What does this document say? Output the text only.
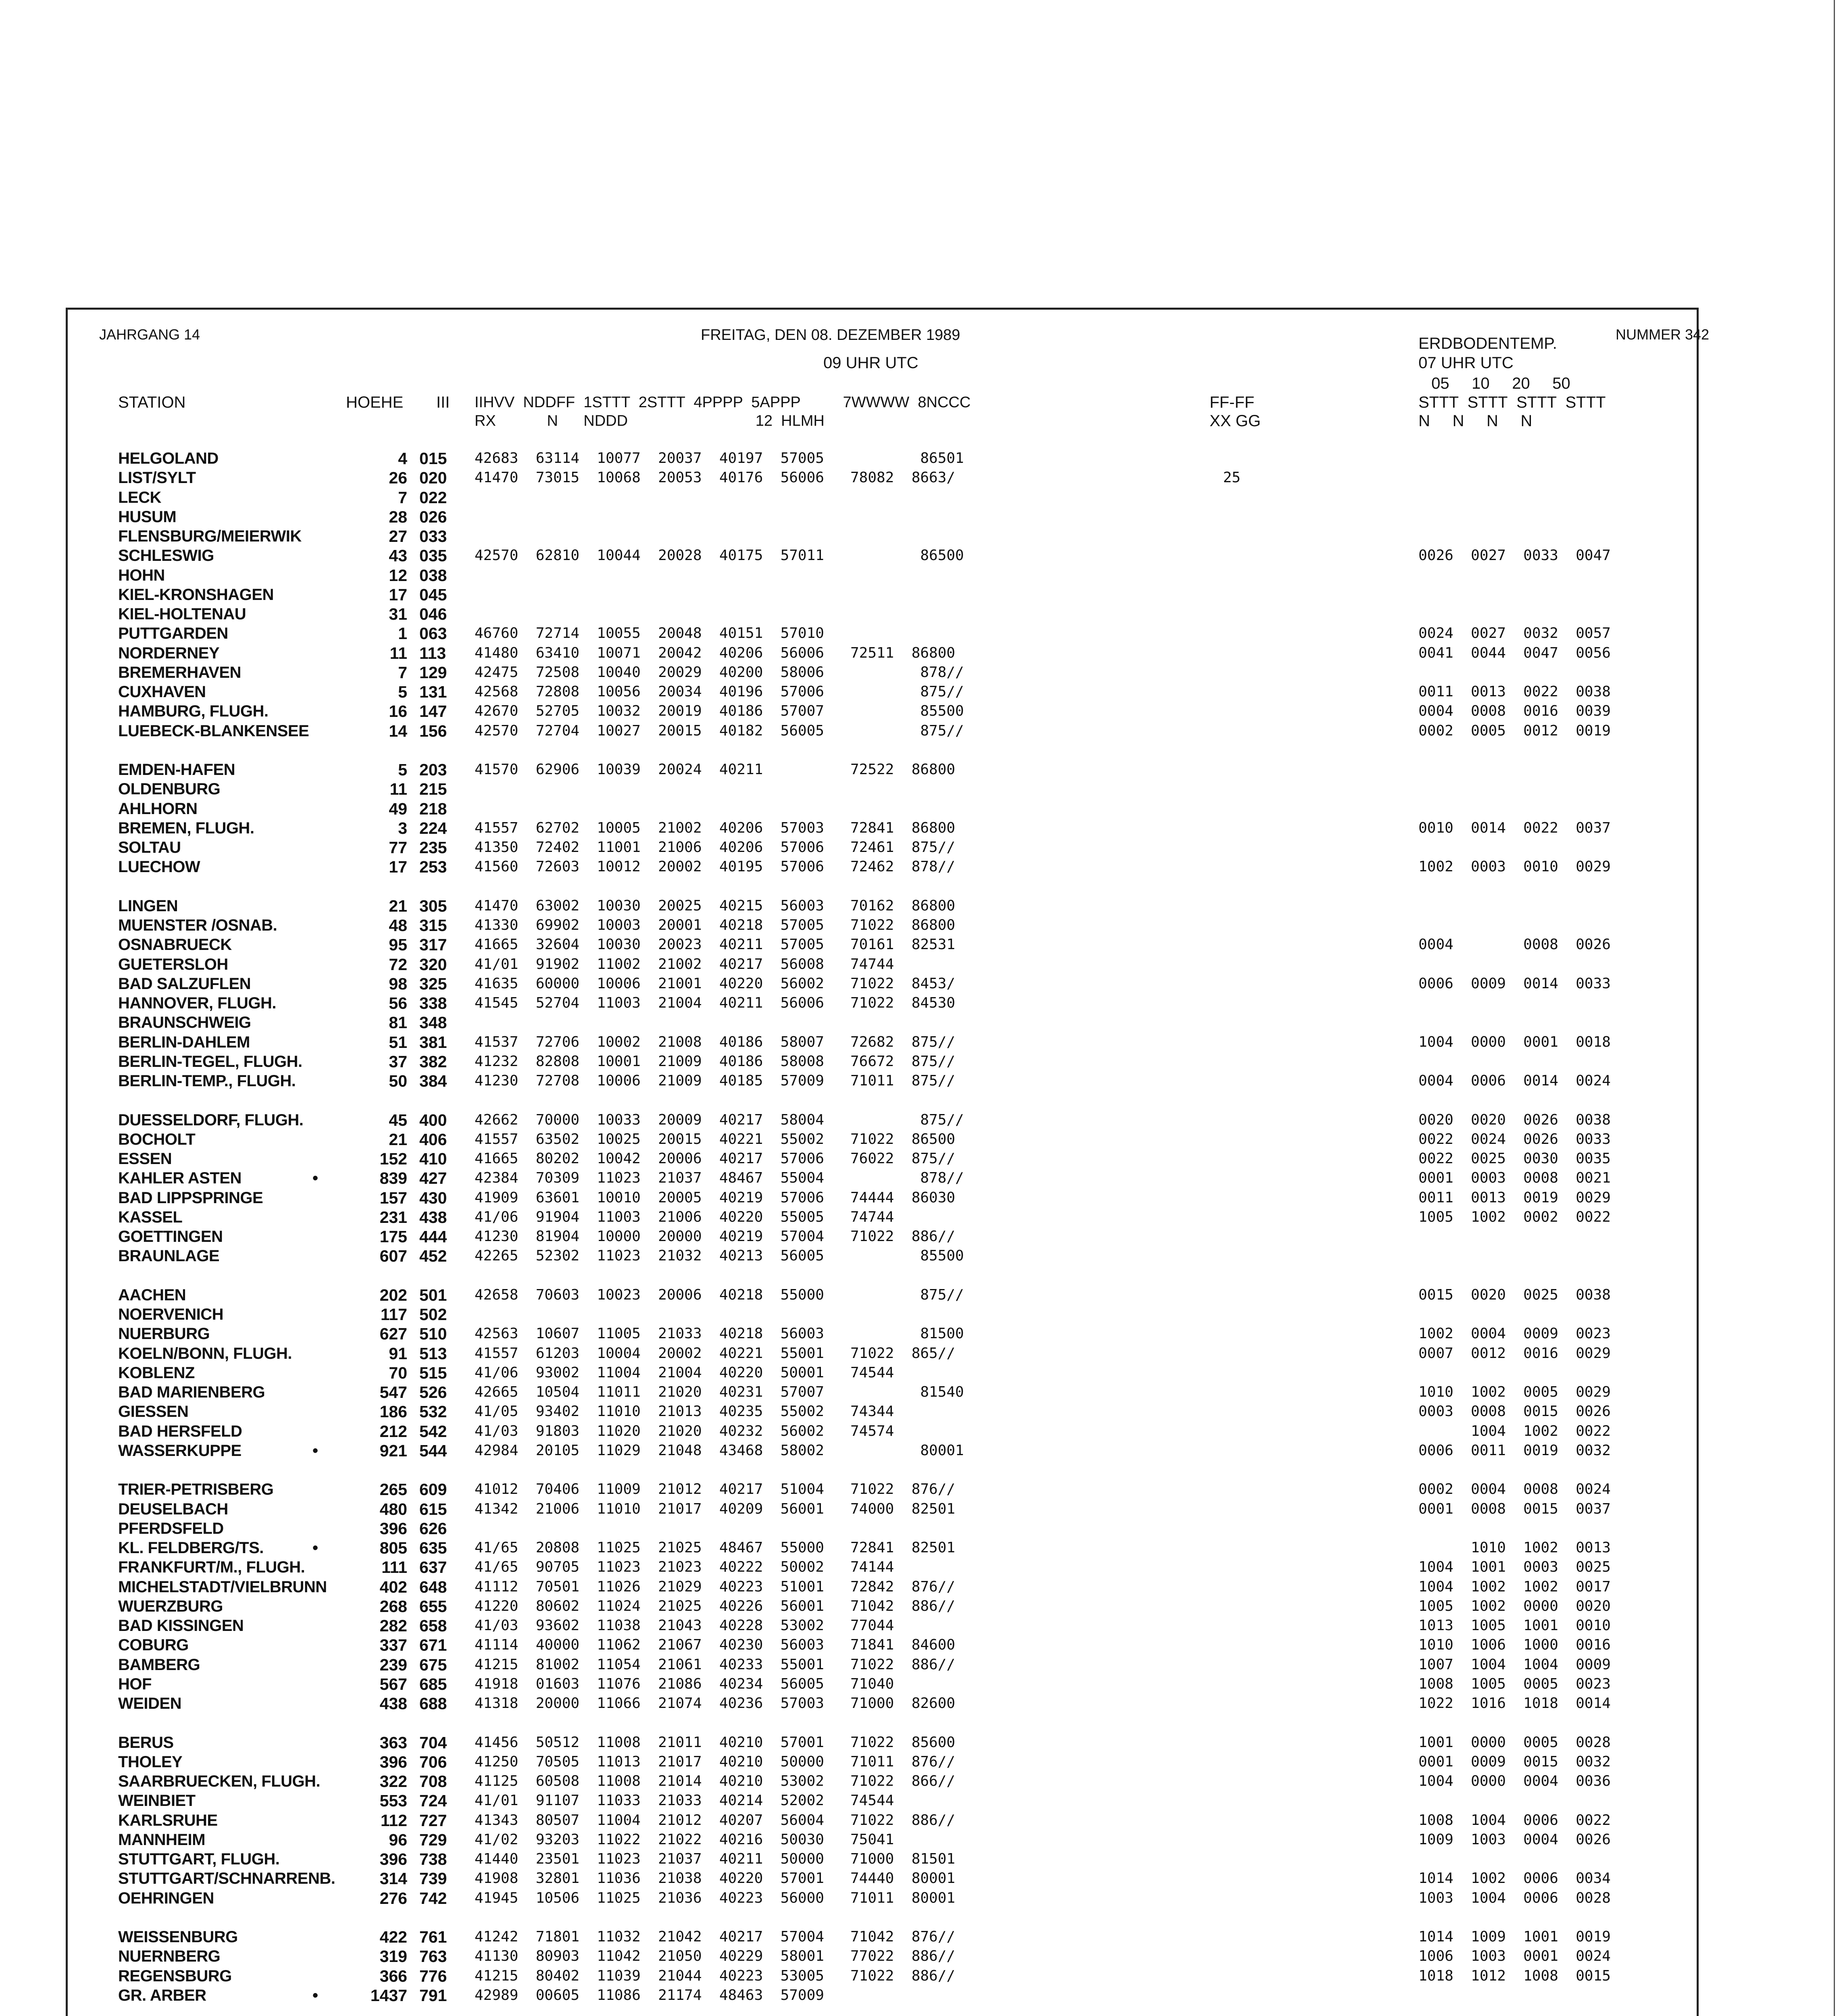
JAHRGANG 14	FREITAG, DEN 08. DEZEMBER 1989
09 UHR UTC
ERDBODENTEMP.
07 UHR UTC
NUMMER 342
STATION	HOEHE III IIHVV  NDDFF  1STTT  2STTT  4PPPP  5APPP          7WWWW  8NCCC
RX            N      NDDD                              12  HLMH
FF-FF
XX GG
05     10     20     50
STTT  STTT  STTT  STTT
N     N     N     N
HELGOLAND
LIST/SYLT
LECK
HUSUM
FLENSBURG/MEIERWIK
SCHLESWIG
HOHN
KIEL-KRONSHAGEN
KIEL-HOLTENAU
PUTTGARDEN
NORDERNEY
BREMERHAVEN
CUXHAVEN
HAMBURG, FLUGH.
LUEBECK-BLANKENSEE

EMDEN-HAFEN
OLDENBURG
AHLHORN
BREMEN, FLUGH.
SOLTAU
LUECHOW

LINGEN
MUENSTER /OSNAB.
OSNABRUECK
GUETERSLOH
BAD SALZUFLEN
HANNOVER, FLUGH.
BRAUNSCHWEIG
BERLIN-DAHLEM
BERLIN-TEGEL, FLUGH.
BERLIN-TEMP., FLUGH.

DUESSELDORF, FLUGH.
BOCHOLT
ESSEN
KAHLER ASTEN
BAD LIPPSPRINGE
KASSEL
GOETTINGEN
BRAUNLAGE

AACHEN
NOERVENICH
NUERBURG
KOELN/BONN, FLUGH.
KOBLENZ
BAD MARIENBERG
GIESSEN
BAD HERSFELD
WASSERKUPPE

TRIER-PETRISBERG
DEUSELBACH
PFERDSFELD
KL. FELDBERG/TS.
FRANKFURT/M., FLUGH.
MICHELSTADT/VIELBRUNN
WUERZBURG
BAD KISSINGEN
COBURG
BAMBERG
HOF
WEIDEN

BERUS
THOLEY
SAARBRUECKEN, FLUGH.
WEINBIET
KARLSRUHE
MANNHEIM
STUTTGART, FLUGH.
STUTTGART/SCHNARRENB.
OEHRINGEN

WEISSENBURG
NUERNBERG
REGENSBURG
GR. ARBER

•

•

•

•

4
26
7
28
27
43
12
17
31
1
11
7
5
16
14

5
11
49
3
77
17

21
48
95
72
98
56
81
51
37
50

45
21
152
839
157
231
175
607

202
117
627
91
70
547
186
212
921

265
480
396
805
111
402
268
282
337
239
567
438

363
396
322
553
112
96
396
314
276

422
319
366
1437

015
020
022
026
033
035
038
045
046
063
113
129
131
147
156

203
215
218
224
235
253

305
315
317
320
325
338
348
381
382
384

400
406
410
427
430
438
444
452

501
502
510
513
515
526
532
542
544

609
615
626
635
637
648
655
658
671
675
685
688

704
706
708
724
727
729
738
739
742

761
763
776
791

42683  63114  10077  20037  40197  57005           86501
41470  73015  10068  20053  40176  56006   78082  8663/

42570  62810  10044  20028  40175  57011           86500

46760  72714  10055  20048  40151  57010
41480  63410  10071  20042  40206  56006   72511  86800
42475  72508  10040  20029  40200  58006           878//
42568  72808  10056  20034  40196  57006           875//
42670  52705  10032  20019  40186  57007           85500
42570  72704  10027  20015  40182  56005           875//

41570  62906  10039  20024  40211          72522  86800

41557  62702  10005  21002  40206  57003   72841  86800
41350  72402  11001  21006  40206  57006   72461  875//
41560  72603  10012  20002  40195  57006   72462  878//

41470  63002  10030  20025  40215  56003   70162  86800
41330  69902  10003  20001  40218  57005   71022  86800
41665  32604  10030  20023  40211  57005   70161  82531
41/01  91902  11002  21002  40217  56008   74744
41635  60000  10006  21001  40220  56002   71022  8453/
41545  52704  11003  21004  40211  56006   71022  84530

41537  72706  10002  21008  40186  58007   72682  875//
41232  82808  10001  21009  40186  58008   76672  875//
41230  72708  10006  21009  40185  57009   71011  875//

42662  70000  10033  20009  40217  58004           875//
41557  63502  10025  20015  40221  55002   71022  86500
41665  80202  10042  20006  40217  57006   76022  875//
42384  70309  11023  21037  48467  55004           878//
41909  63601  10010  20005  40219  57006   74444  86030
41/06  91904  11003  21006  40220  55005   74744
41230  81904  10000  20000  40219  57004   71022  886//
42265  52302  11023  21032  40213  56005           85500

42658  70603  10023  20006  40218  55000           875//

42563  10607  11005  21033  40218  56003           81500
41557  61203  10004  20002  40221  55001   71022  865//
41/06  93002  11004  21004  40220  50001   74544
42665  10504  11011  21020  40231  57007           81540
41/05  93402  11010  21013  40235  55002   74344
41/03  91803  11020  21020  40232  56002   74574
42984  20105  11029  21048  43468  58002           80001

41012  70406  11009  21012  40217  51004   71022  876//
41342  21006  11010  21017  40209  56001   74000  82501

41/65  20808  11025  21025  48467  55000   72841  82501
41/65  90705  11023  21023  40222  50002   74144
41112  70501  11026  21029  40223  51001   72842  876//
41220  80602  11024  21025  40226  56001   71042  886//
41/03  93602  11038  21043  40228  53002   77044
41114  40000  11062  21067  40230  56003   71841  84600
41215  81002  11054  21061  40233  55001   71022  886//
41918  01603  11076  21086  40234  56005   71040
41318  20000  11066  21074  40236  57003   71000  82600

41456  50512  11008  21011  40210  57001   71022  85600
41250  70505  11013  21017  40210  50000   71011  876//
41125  60508  11008  21014  40210  53002   71022  866//
41/01  91107  11033  21033  40214  52002   74544
41343  80507  11004  21012  40207  56004   71022  886//
41/02  93203  11022  21022  40216  50030   75041
41440  23501  11023  21037  40211  50000   71000  81501
41908  32801  11036  21038  40220  57001   74440  80001
41945  10506  11025  21036  40223  56000   71011  80001

41242  71801  11032  21042  40217  57004   71042  876//
41130  80903  11042  21050  40229  58001   77022  886//
41215  80402  11039  21044  40223  53005   71022  886//
42989  00605  11086  21174  48463  57009

25

0026  0027  0033  0047

0024  0027  0032  0057
0041  0044  0047  0056

0011  0013  0022  0038
0004  0008  0016  0039
0002  0005  0012  0019

0010  0014  0022  0037

1002  0003  0010  0029

0004        0008  0026

0006  0009  0014  0033

1004  0000  0001  0018

0004  0006  0014  0024

0020  0020  0026  0038
0022  0024  0026  0033
0022  0025  0030  0035
0001  0003  0008  0021
0011  0013  0019  0029
1005  1002  0002  0022

0015  0020  0025  0038

1002  0004  0009  0023
0007  0012  0016  0029

1010  1002  0005  0029
0003  0008  0015  0026
1004  1002  0022
0006  0011  0019  0032

0002  0004  0008  0024
0001  0008  0015  0037

1010  1002  0013
1004  1001  0003  0025
1004  1002  1002  0017
1005  1002  0000  0020
1013  1005  1001  0010
1010  1006  1000  0016
1007  1004  1004  0009
1008  1005  0005  0023
1022  1016  1018  0014

1001  0000  0005  0028
0001  0009  0015  0032
1004  0000  0004  0036

1008  1004  0006  0022
1009  1003  0004  0026

1014  1002  0006  0034
1003  1004  0006  0028

1014  1009  1001  0019
1006  1003  0001  0024
1018  1012  1008  0015
